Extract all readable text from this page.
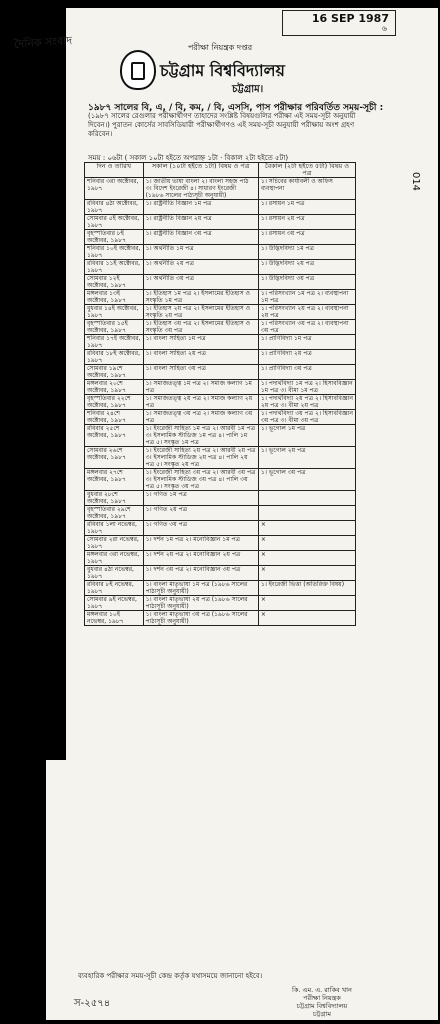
দৈনিক সংবাদ
16 SEP 1987
৬
014
পরীক্ষা নিয়ন্ত্রক দপ্তর
চট্টগ্রাম বিশ্ববিদ্যালয়
চট্টগ্রাম।
১৯৮৭ সালের বি, এ, / বি, কম, / বি, এসসি, পাস পরীক্ষার পরিবর্তিত সময়-সূচী :
(১৯৮৭ সালের রেগুলার পরীক্ষার্থীগণ তাহাদের সংশ্লিষ্ট বিষয়গুলির পরীক্ষা এই সময়-সূচী অনুযায়ী দিবেন।) পুরাতন কোর্সের সাবসিডিয়ারী পরীক্ষার্থীগণও এই সময়-সূচী অনুযায়ী পরীক্ষায় অংশ গ্রহণ করিবেন।
সময় : ০৬টা ( সকাল ১০টা হইতে অপরাহ্ন ১টা · বিকাল ২টা হইতে ৫টা)
দিন ও তারিখ	সকাল (১০টা হইতে ১টা) বিষয় ও পত্র	বৈকাল (২টা হইতে ৫টা) বিষয় ও পত্র
শনিবার ৩রা অক্টোবর, ১৯৮৭	১। জাতীয় ভাষা বাংলা ২। বাংলা সহজ পাঠ ৩। বিদেশ ইংরেজী ৪। সাধারণ ইংরেজী (১৯৮৬ সালের পাঠ্যসূচী অনুযায়ী)	১। সচিবের কার্যাবলী ও অফিস ব্যবস্থাপনা
রবিবার ৪ঠা অক্টোবর, ১৯৮৭	১। রাষ্ট্রনীতি বিজ্ঞান ১ম পত্র	১। রসায়ন ১ম পত্র
সোমবার ৫ই অক্টোবর, ১৯৮৭	১। রাষ্ট্রনীতি বিজ্ঞান ২য় পত্র	১। রসায়ন ২য় পত্র
বৃহস্পতিবার ৮ই অক্টোবর, ১৯৮৭	১। রাষ্ট্রনীতি বিজ্ঞান ৩য় পত্র	১। রসায়ন ৩য় পত্র
শনিবার ১০ই অক্টোবর, ১৯৮৭	১। অর্থনীতি ১ম পত্র	১। উদ্ভিদবিদ্যা ১ম পত্র
রবিবার ১১ই অক্টোবর, ১৯৮৭	১। অর্থনীতি ২য় পত্র	১। উদ্ভিদবিদ্যা ২য় পত্র
সোমবার ১২ই অক্টোবর, ১৯৮৭	১। অর্থনীতি ৩য় পত্র	১। উদ্ভিদবিদ্যা ৩য় পত্র
মঙ্গলবার ১৩ই অক্টোবর, ১৯৮৭	১। ইতিহাস ১ম পত্র ২। ইসলামের ইতিহাস ও সংস্কৃতি ১ম পত্র	১। পরিসংখ্যান ১ম পত্র ২। ব্যবস্থাপনা ১ম পত্র
বুধবার ১৪ই অক্টোবর, ১৯৮৭	১। ইতিহাস ২য় পত্র ২। ইসলামের ইতিহাস ও সংস্কৃতি ২য় পত্র	১। পরিসংখ্যান ২য় পত্র ২। ব্যবস্থাপনা ২য় পত্র
বৃহস্পতিবার ১৫ই অক্টোবর, ১৯৮৭	১। ইতিহাস ৩য় পত্র ২। ইসলামের ইতিহাস ও সংস্কৃতি ৩য় পত্র	১। পরিসংখ্যান ৩য় পত্র ২। ব্যবস্থাপনা ৩য় পত্র
শনিবার ১৭ই অক্টোবর, ১৯৮৭	১। বাংলা সাহিত্য ১ম পত্র	১। প্রাণিবিদ্যা ১ম পত্র
রবিবার ১৮ই অক্টোবর, ১৯৮৭	১। বাংলা সাহিত্য ২য় পত্র	১। প্রাণিবিদ্যা ২য় পত্র
সোমবার ১৯শে অক্টোবর, ১৯৮৭	১। বাংলা সাহিত্য ৩য় পত্র	১। প্রাণিবিদ্যা ৩য় পত্র
মঙ্গলবার ২০শে অক্টোবর, ১৯৮৭	১। সমাজতত্ত্ব ১ম পত্র ২। সমাজ কল্যাণ ১ম পত্র	১। পদার্থবিদ্যা ১ম পত্র ২। হিসাববিজ্ঞান ১ম পত্র ৩। বীমা ১ম পত্র
বৃহস্পতিবার ২২শে অক্টোবর, ১৯৮৭	১। সমাজতত্ত্ব ২য় পত্র ২। সমাজ কল্যাণ ২য় পত্র	১। পদার্থবিদ্যা ২য় পত্র ২। হিসাববিজ্ঞান ২য় পত্র ৩। বীমা ২য় পত্র
শনিবার ২৪শে অক্টোবর, ১৯৮৭	১। সমাজতত্ত্ব ৩য় পত্র ২। সমাজ কল্যাণ ৩য় পত্র	১। পদার্থবিদ্যা ৩য় পত্র ২। হিসাববিজ্ঞান ৩য় পত্র ৩। বীমা ৩য় পত্র
রবিবার ২৫শে অক্টোবর, ১৯৮৭	১। ইংরেজী সাহিত্য ১ম পত্র ২। আরবী ১ম পত্র ৩। ইসলামিক স্টাডিজ ১ম পত্র ৪। পালি ১ম পত্র ৫। সংস্কৃত ১ম পত্র	১। ভূগোল ১ম পত্র
সোমবার ২৬শে অক্টোবর, ১৯৮৭	১। ইংরেজী সাহিত্য ২য় পত্র ২। আরবী ২য় পত্র ৩। ইসলামিক স্টাডিজ ২য় পত্র ৪। পালি ২য় পত্র ৫। সংস্কৃত ২য় পত্র	১। ভূগোল ২য় পত্র
মঙ্গলবার ২৭শে অক্টোবর, ১৯৮৭	১। ইংরেজী সাহিত্য ৩য় পত্র ২। আরবী ৩য় পত্র ৩। ইসলামিক স্টাডিজ ৩য় পত্র ৪। পালি ৩য় পত্র ৫। সংস্কৃত ৩য় পত্র	১। ভূগোল ৩য় পত্র
বুধবার ২৮শে অক্টোবর, ১৯৮৭	১। গণিত ১ম পত্র	
বৃহস্পতিবার ২৯শে অক্টোবর, ১৯৮৭	১। গণিত ২য় পত্র	
রবিবার ১লা নভেম্বর, ১৯৮৭	১। গণিত ৩য় পত্র	×
সোমবার ২রা নভেম্বর, ১৯৮৭	১। দর্শন ১ম পত্র ২। মনোবিজ্ঞান ১ম পত্র	×
মঙ্গলবার ৩রা নভেম্বর, ১৯৮৭	১। দর্শন ২য় পত্র ২। মনোবিজ্ঞান ২য় পত্র	×
বুধবার ৪ঠা নভেম্বর, ১৯৮৭	১। দর্শন ৩য় পত্র ২। মনোবিজ্ঞান ৩য় পত্র	×
রবিবার ৮ই নভেম্বর, ১৯৮৭	১। বাংলা মাতৃভাষা ১ম পত্র (১৯৮৬ সালের পাঠ্যসূচী অনুযায়ী)	১। ইংরেজী ভিত্তা (অতিরিক্ত বিষয়)
সোমবার ৯ই নভেম্বর, ১৯৮৭	১। বাংলা মাতৃভাষা ২য় পত্র (১৯৮৬ সালের পাঠ্যসূচী অনুযায়ী)	×
মঙ্গলবার ১০ই নভেম্বর, ১৯৮৭	১। বাংলা মাতৃভাষা ৩য় পত্র (১৯৮৬ সালের পাঠ্যসূচী অনুযায়ী)	×
ব্যবহারিক পরীক্ষার সময়-সূচী কেন্দ্র কর্তৃক যথাসময়ে জানানো হইবে।
কি. এম. এ. রাকিব খান
পরীক্ষা নিয়ন্ত্রক
চট্টগ্রাম বিশ্ববিদ্যালয়
চট্টগ্রাম
স-২৫৭৪
